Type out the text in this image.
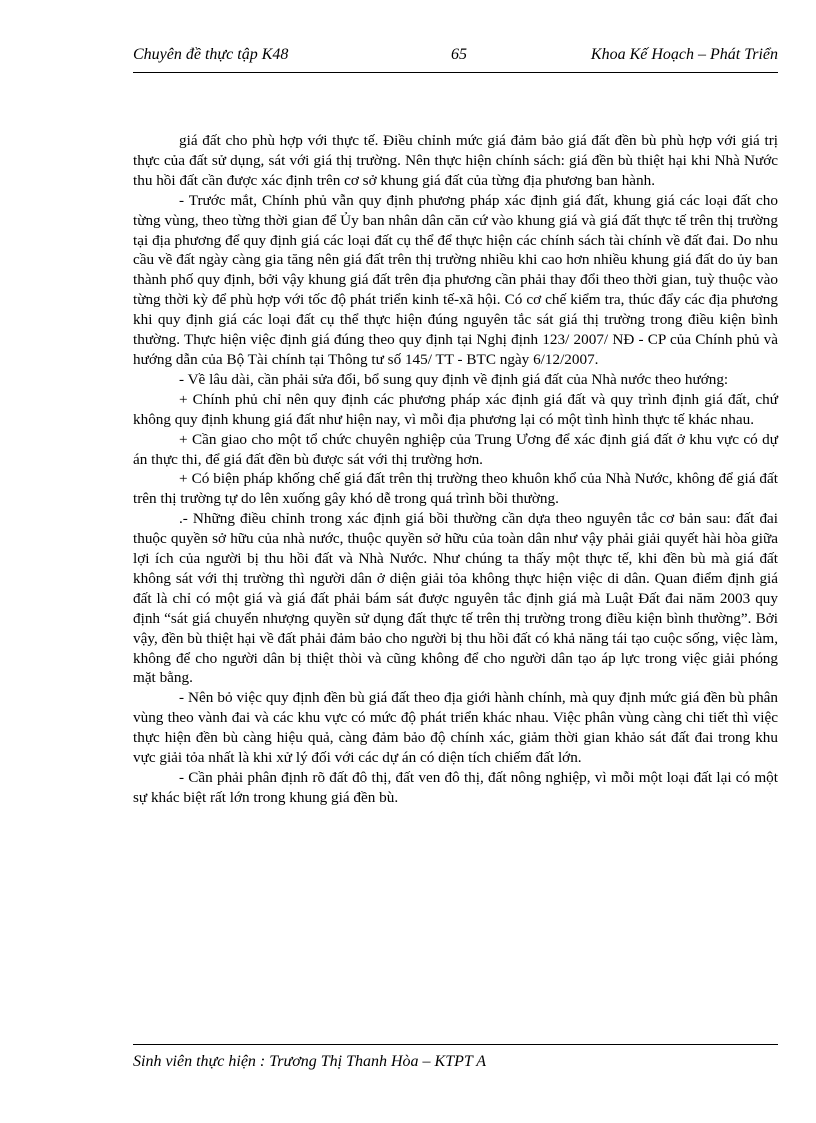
Chuyên đề thực tập K48	65	Khoa Kế Hoạch – Phát Triển

giá đất cho phù hợp với thực tế. Điều chỉnh mức giá đảm bảo giá đất đền bù phù hợp với giá trị thực của đất sử dụng, sát với giá thị trường. Nên thực hiện chính sách: giá đền bù thiệt hại khi Nhà Nước thu hồi đất cần được xác định trên cơ sở khung giá đất của từng địa phương ban hành.

- Trước mắt, Chính phủ vẫn quy định phương pháp xác định giá đất, khung giá các loại đất cho từng vùng, theo từng thời gian để Ủy ban nhân dân căn cứ vào khung giá và giá đất thực tế trên thị trường tại địa phương để quy định giá các loại đất cụ thể để thực hiện các chính sách tài chính về đất đai. Do nhu cầu về đất ngày càng gia tăng nên giá đất trên thị trường nhiều khi cao hơn nhiều khung giá đất do ủy ban thành phố quy định, bởi vậy khung giá đất trên địa phương cần phải thay đổi theo thời gian, tuỳ thuộc vào từng thời kỳ để phù hợp với tốc độ phát triển kinh tế-xã hội. Có cơ chế kiểm tra, thúc đẩy các địa phương khi quy định giá các loại đất cụ thể thực hiện đúng nguyên tắc sát giá thị trường trong điều kiện bình thường. Thực hiện việc định giá đúng theo quy định tại Nghị định 123/ 2007/ NĐ - CP của Chính phủ và hướng dẫn của Bộ Tài chính tại Thông tư số 145/ TT - BTC ngày 6/12/2007.

- Về lâu dài, cần phải sửa đổi, bổ sung quy định về định giá đất của Nhà nước theo hướng:

+ Chính phủ chỉ nên quy định các phương pháp xác định giá đất và quy trình định giá đất, chứ không quy định khung giá đất như hiện nay, vì mỗi địa phương lại có một tình hình thực tế khác nhau.

+ Cần giao cho một tổ chức chuyên nghiệp của Trung Ương để xác định giá đất ở khu vực có dự án thực thi, để giá đất đền bù được sát với thị trường hơn.

+ Có biện pháp khống chế giá đất trên thị trường theo khuôn khổ của Nhà Nước, không để giá đất trên thị trường tự do lên xuống gây khó dễ trong quá trình bồi thường.

.- Những điều chỉnh trong xác định giá bồi thường cần dựa theo nguyên tắc cơ bản sau: đất đai thuộc quyền sở hữu của nhà nước, thuộc quyền sở hữu của toàn dân như vậy phải giải quyết hài hòa giữa lợi ích của người bị thu hồi đất và Nhà Nước. Như chúng ta thấy một thực tế, khi đền bù mà giá đất không sát với thị trường thì người dân ở diện giải tỏa không thực hiện việc di dân. Quan điểm định giá đất là chỉ có một giá và giá đất phải bám sát được nguyên tắc định giá mà Luật Đất đai năm 2003 quy định “sát giá chuyển nhượng quyền sử dụng đất thực tế trên thị trường trong điều kiện bình thường”. Bởi vậy, đền bù thiệt hại về đất phải đảm bảo cho người bị thu hồi đất có khả năng tái tạo cuộc sống, việc làm, không để cho người dân bị thiệt thòi và cũng không để cho người dân tạo áp lực trong việc giải phóng mặt bằng.

- Nên bỏ việc quy định đền bù giá đất theo địa giới hành chính, mà quy định mức giá đền bù phân vùng theo vành đai và các khu vực có mức độ phát triển khác nhau. Việc phân vùng càng chi tiết thì việc thực hiện đền bù càng hiệu quả, càng đảm bảo độ chính xác, giảm thời gian khảo sát đất đai trong khu vực giải tỏa nhất là khi xử lý đối với các dự án có diện tích chiếm đất lớn.

- Cần phải phân định rõ đất đô thị, đất ven đô thị, đất nông nghiệp, vì mỗi một loại đất lại có một sự khác biệt rất lớn trong khung giá đền bù.

Sinh viên thực hiện : Trương Thị Thanh Hòa – KTPT A
